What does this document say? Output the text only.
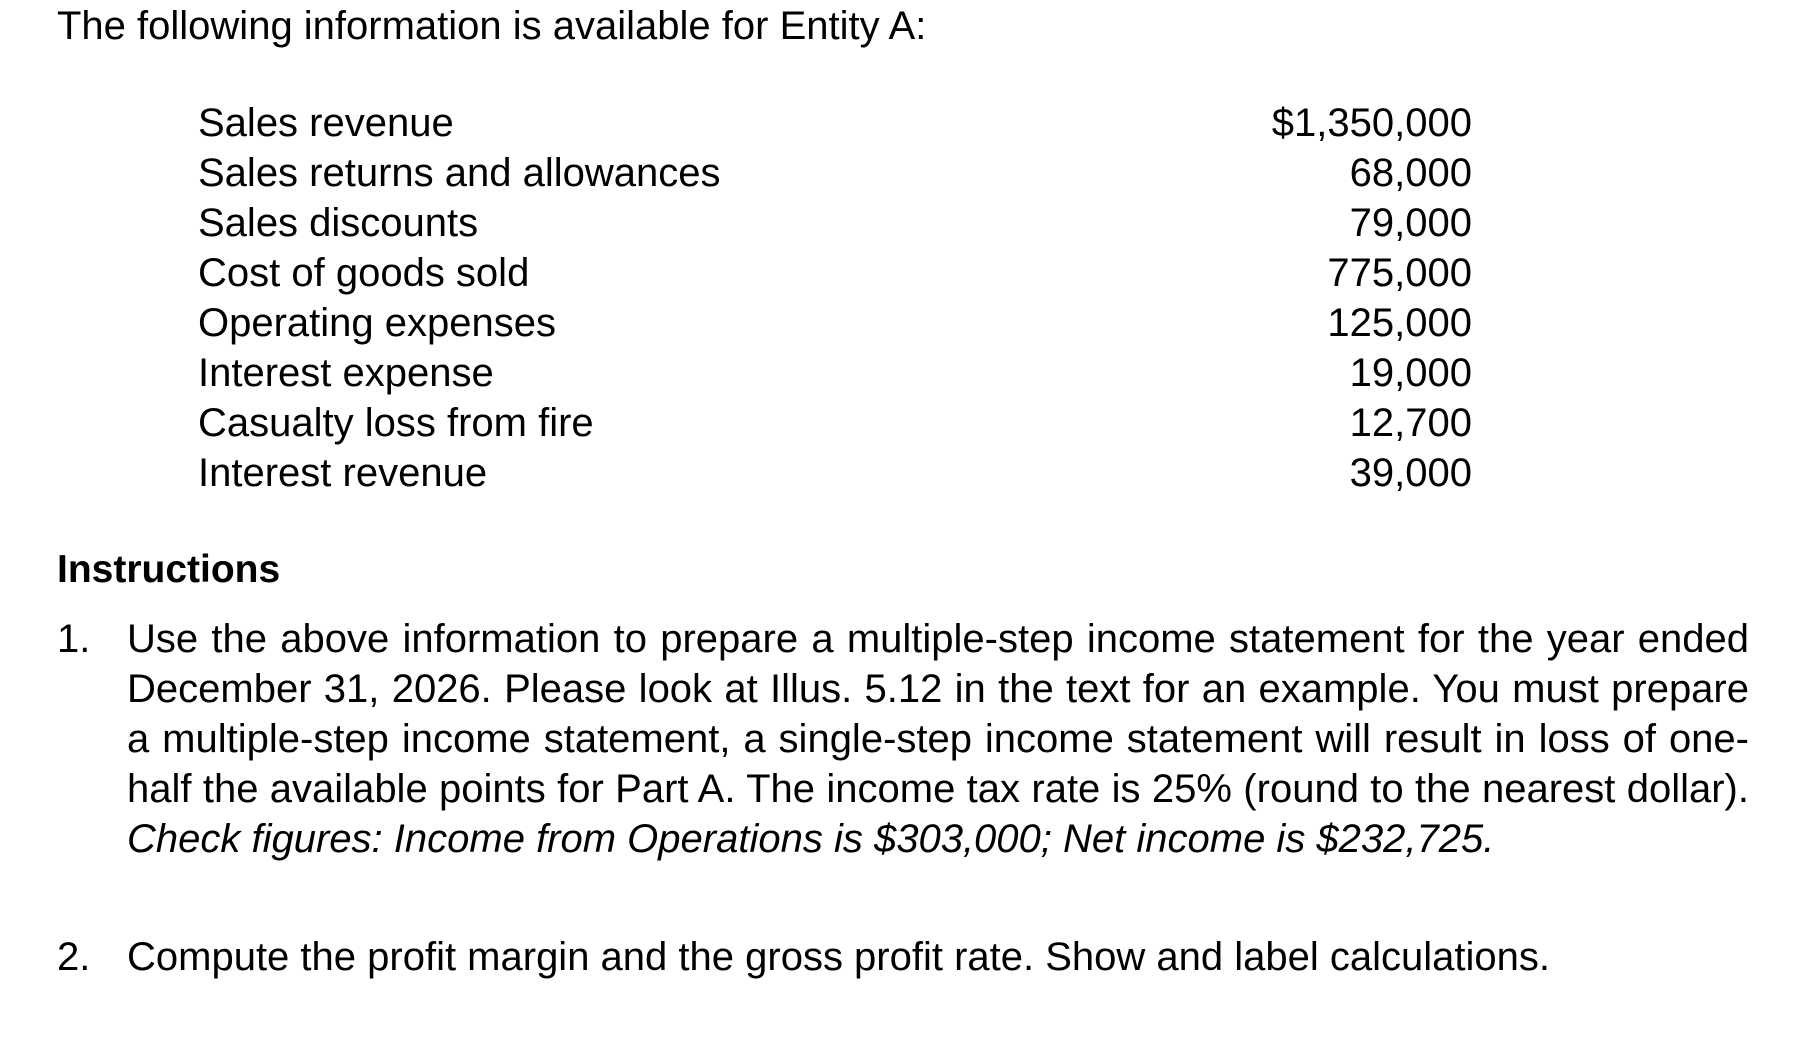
The following information is available for Entity A:

Sales revenue	$1,350,000
Sales returns and allowances	68,000
Sales discounts	79,000
Cost of goods sold	775,000
Operating expenses	125,000
Interest expense	19,000
Casualty loss from fire	12,700
Interest revenue	39,000

Instructions

1. Use the above information to prepare a multiple-step income statement for the year ended December 31, 2026. Please look at Illus. 5.12 in the text for an example. You must prepare a multiple-step income statement, a single-step income statement will result in loss of one-half the available points for Part A. The income tax rate is 25% (round to the nearest dollar). Check figures: Income from Operations is $303,000; Net income is $232,725.
2. Compute the profit margin and the gross profit rate. Show and label calculations.
